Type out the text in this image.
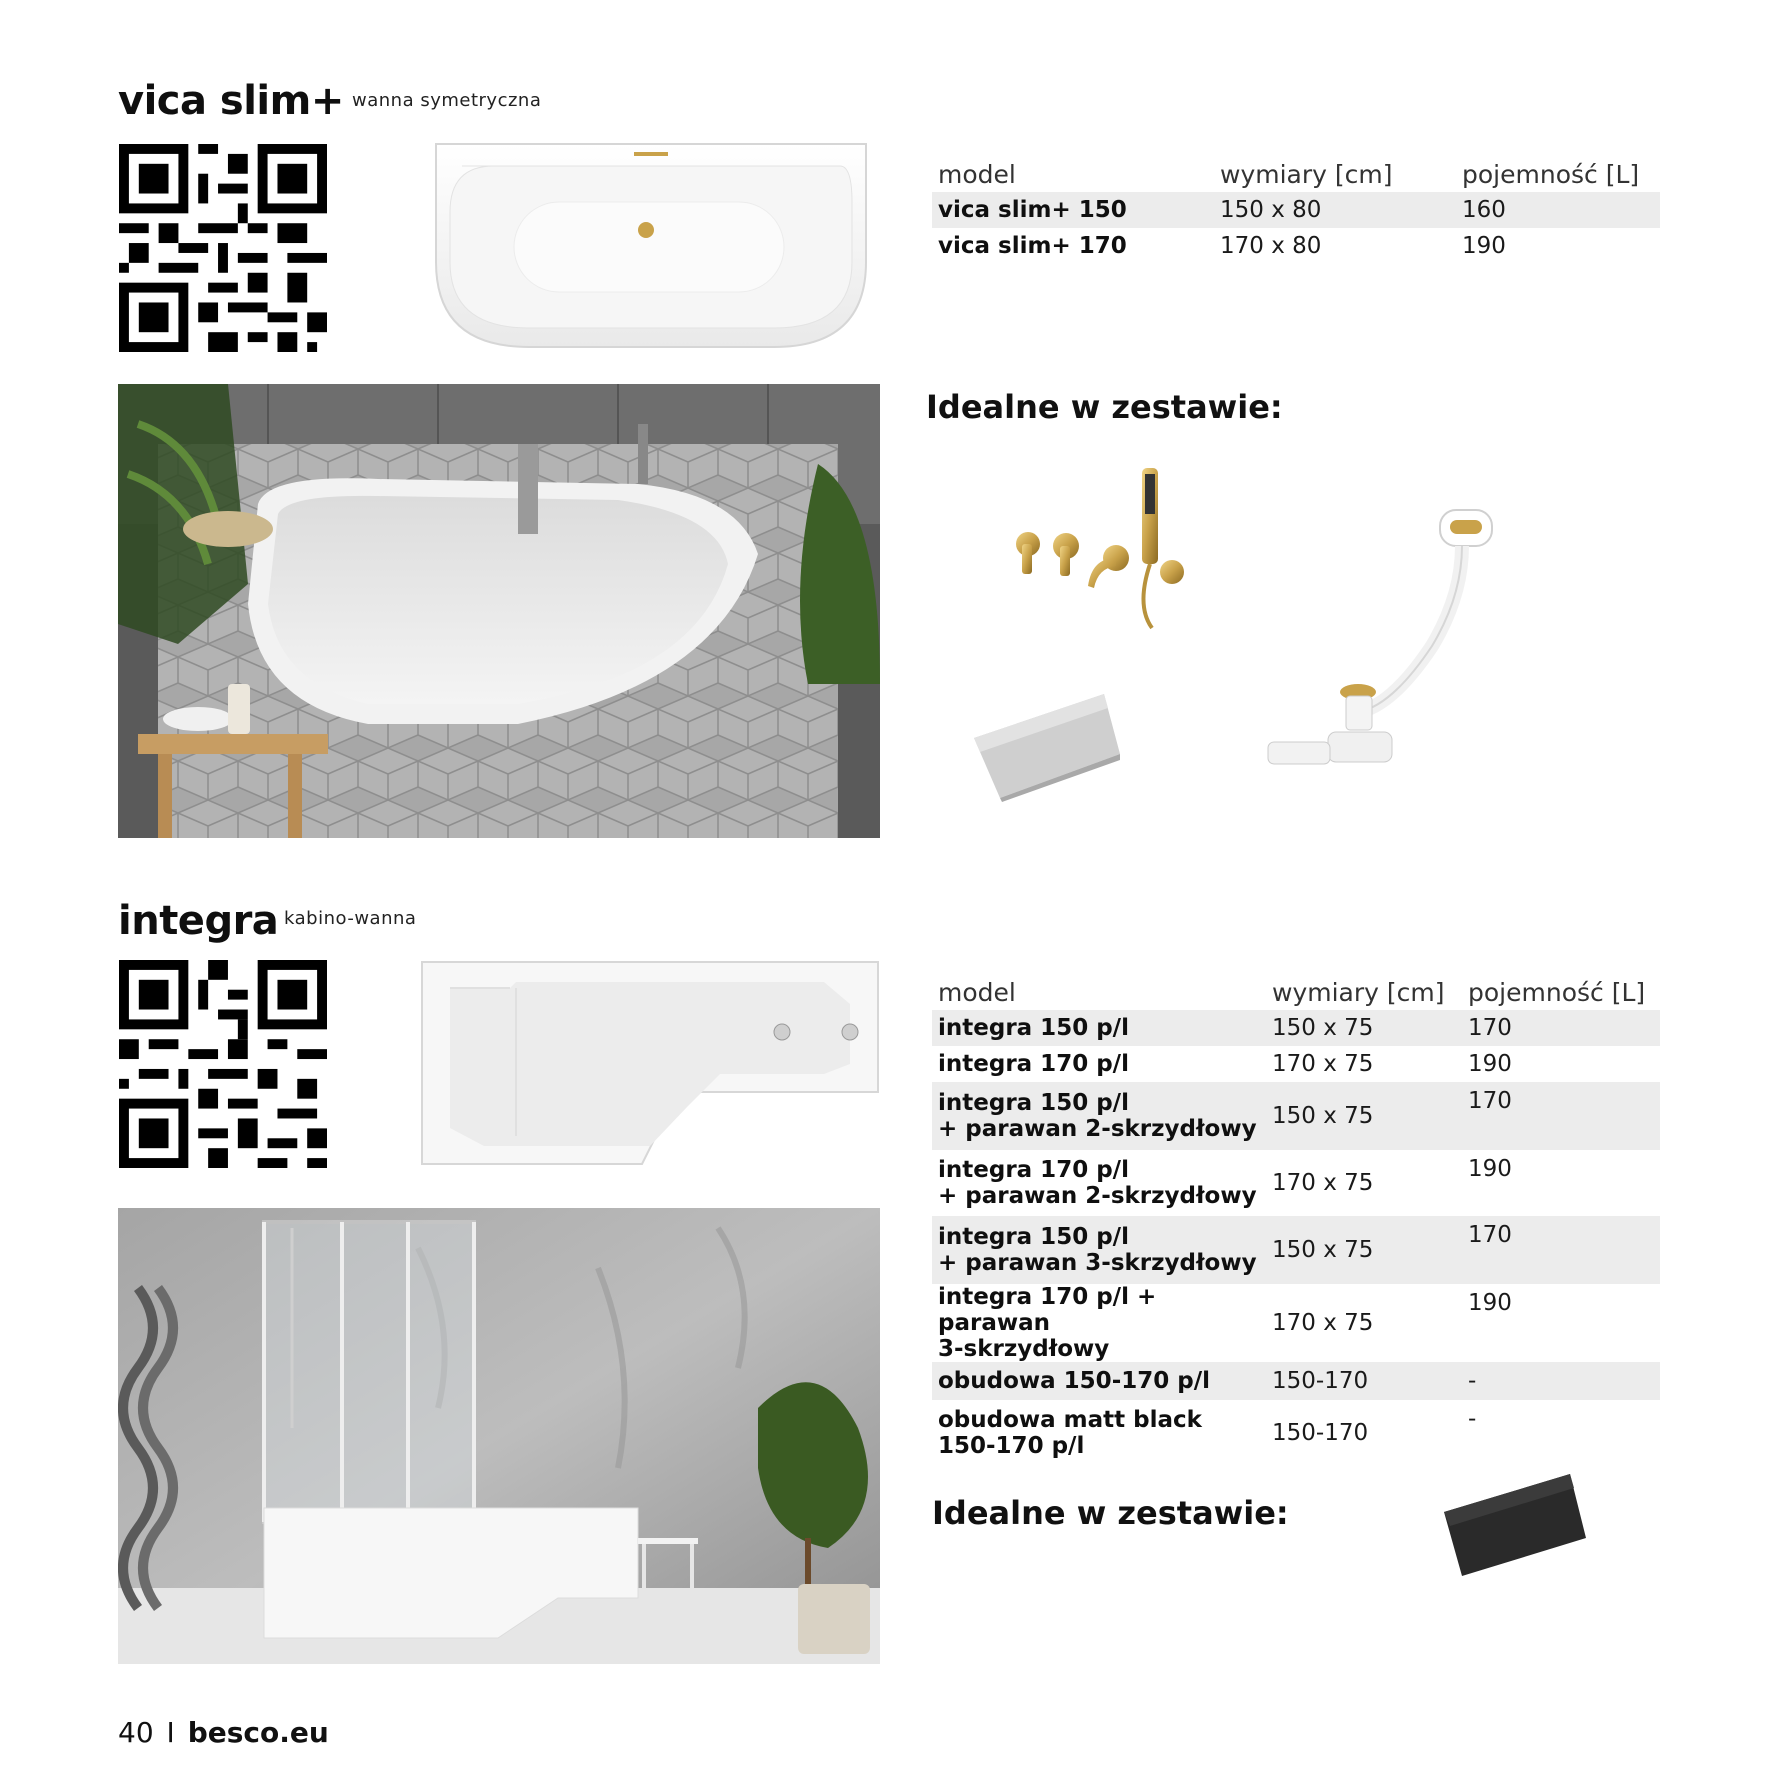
vica slim+ wanna symetryczna
model	wymiary [cm]	pojemność [L]
vica slim+ 150	150 x 80	160
vica slim+ 170	170 x 80	190
Idealne w zestawie:
integra kabino-wanna
model	wymiary [cm]	pojemność [L]
integra 150 p/l	150 x 75	170
integra 170 p/l	170 x 75	190
integra 150 p/l
+ parawan 2-skrzydłowy	150 x 75	170
integra 170 p/l
+ parawan 2-skrzydłowy	170 x 75	190
integra 150 p/l
+ parawan 3-skrzydłowy	150 x 75	170
integra 170 p/l + parawan
3-skrzydłowy	170 x 75	190
obudowa 150-170 p/l	150-170	-
obudowa matt black
150-170 p/l	150-170	-
Idealne w zestawie:
40 I besco.eu
